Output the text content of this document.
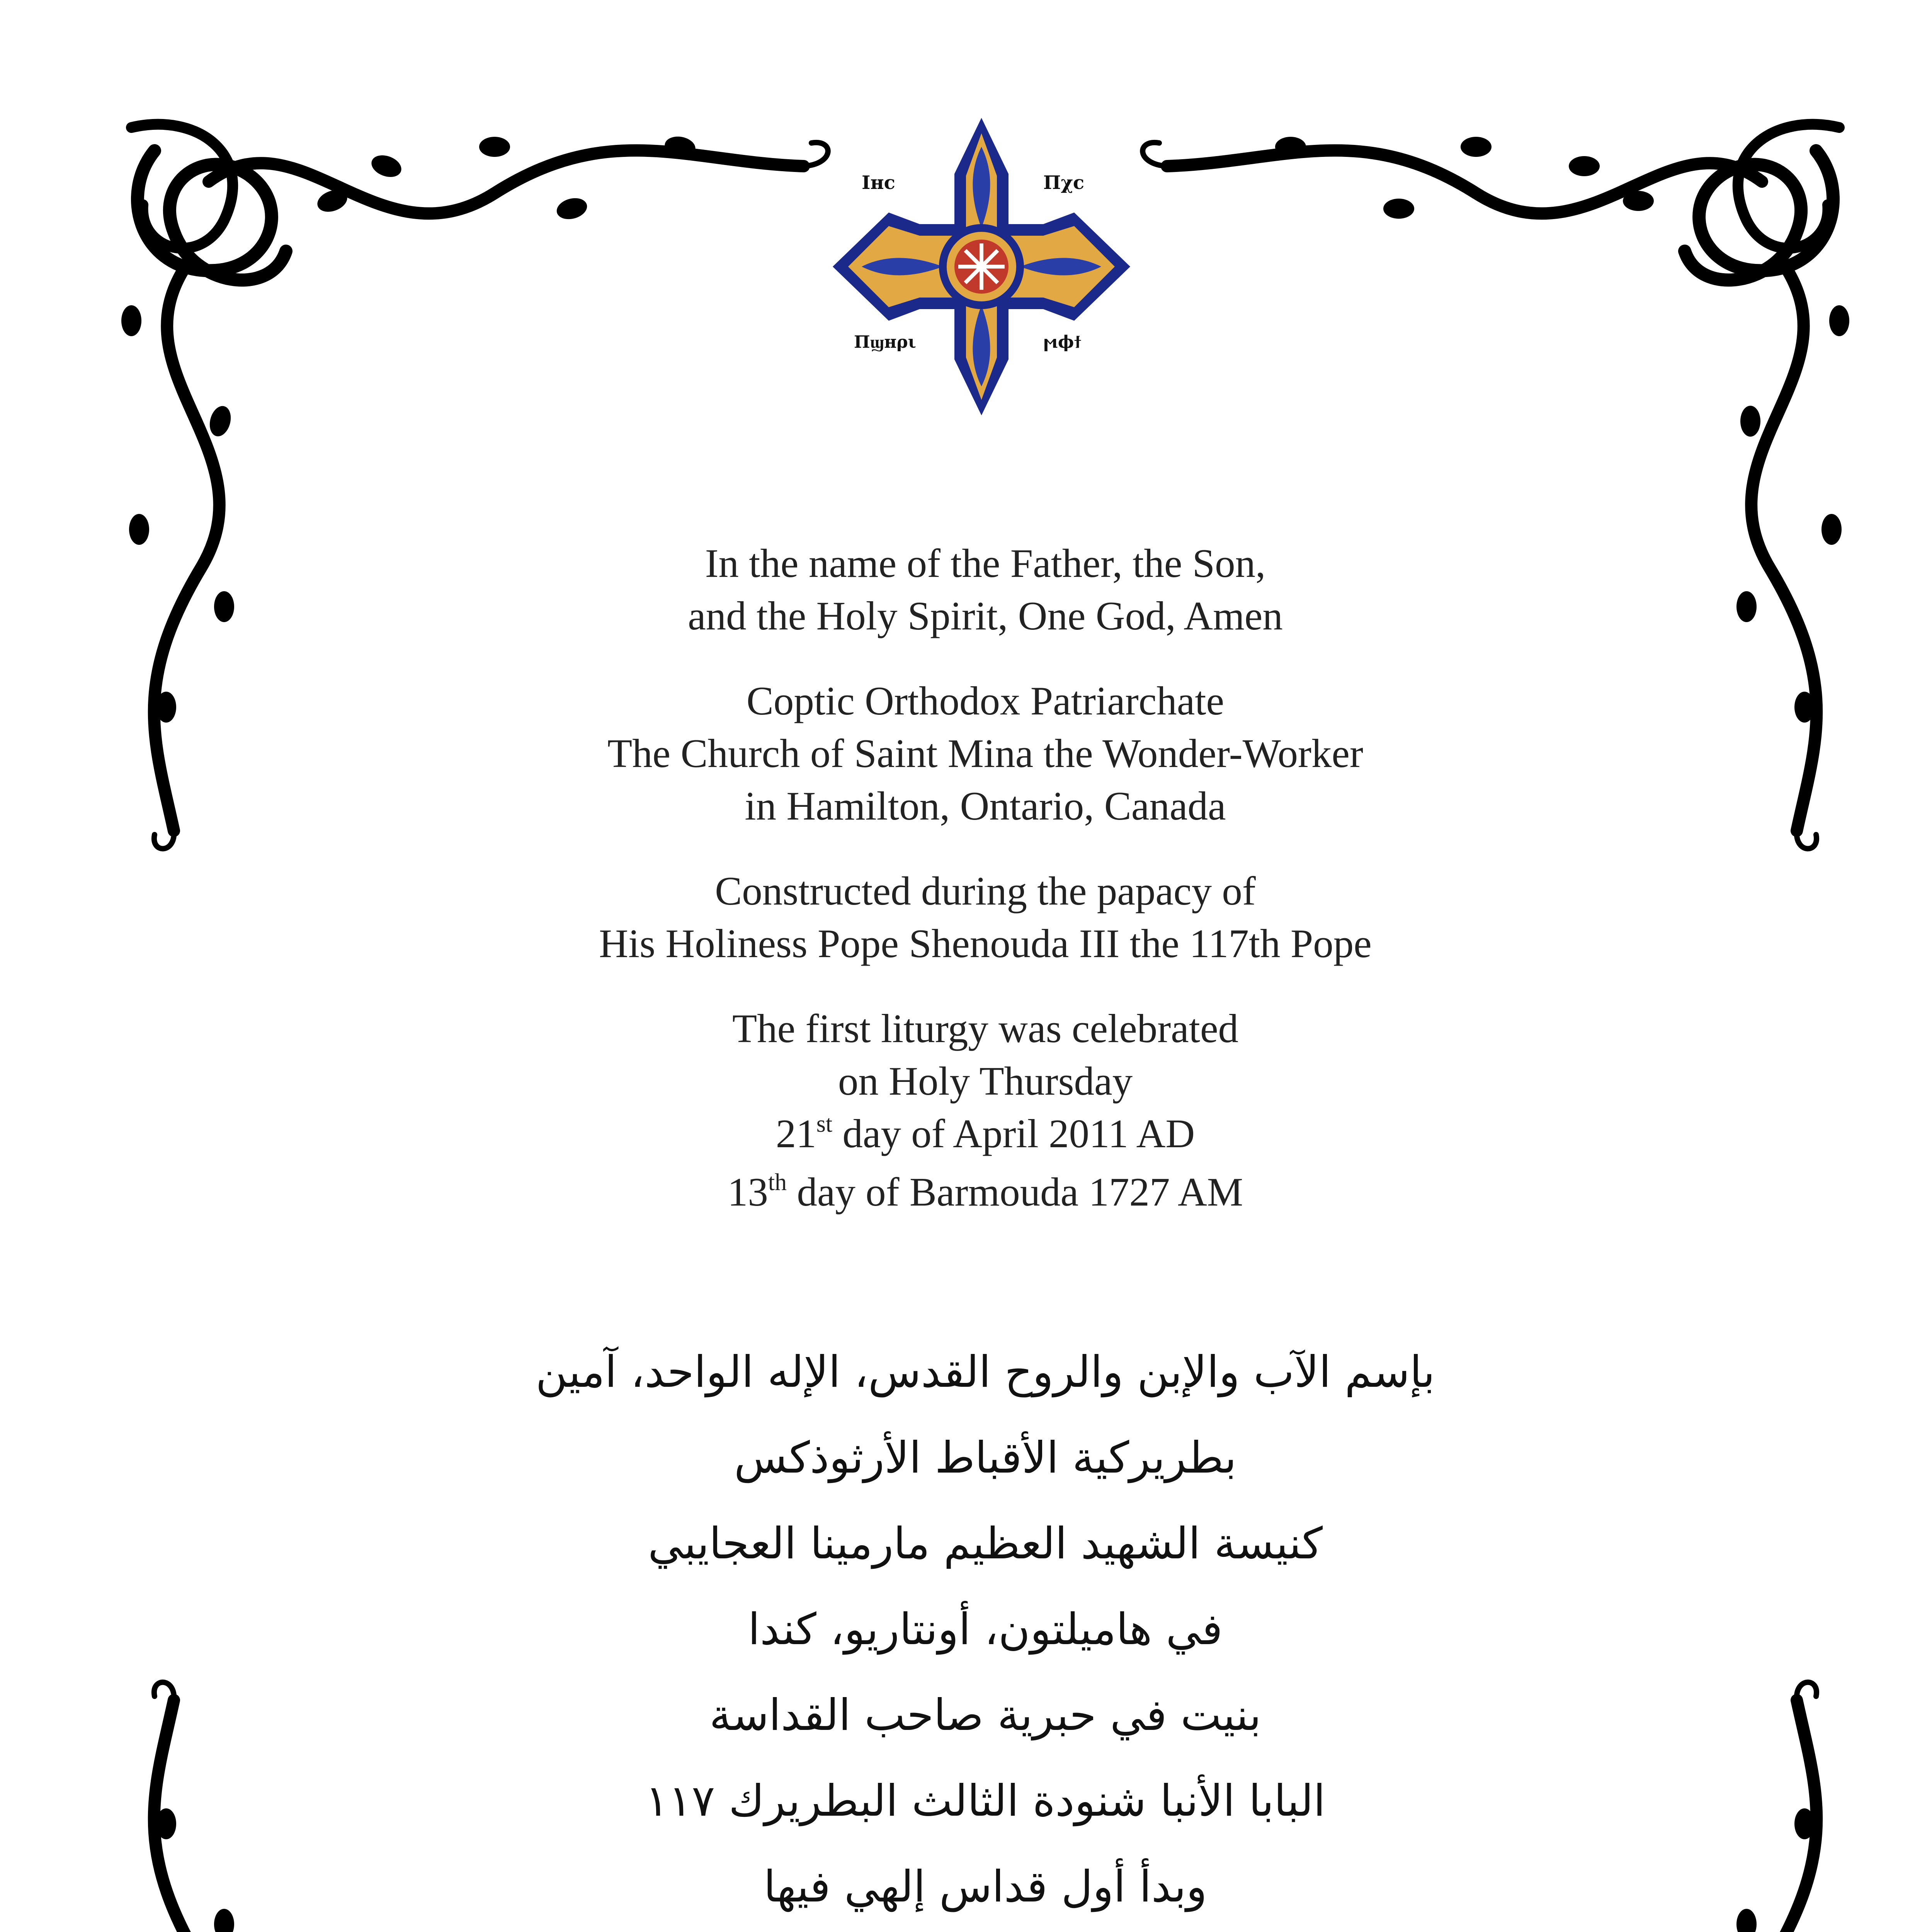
Ιнс	Πχс
Πϣнρι	ϻϕϯ
In the name of the Father, the Son,
and the Holy Spirit, One God, Amen
Coptic Orthodox Patriarchate
The Church of Saint Mina the Wonder-Worker
in Hamilton, Ontario, Canada
Constructed during the papacy of
His Holiness Pope Shenouda III the 117th Pope
The first liturgy was celebrated
on Holy Thursday
21st day of April 2011 AD
13th day of Barmouda 1727 AM
بإسم الآب والإبن والروح القدس، الإله الواحد، آمين
بطريركية الأقباط الأرثوذكس
كنيسة الشهيد العظيم مارمينا العجايبي
في هاميلتون، أونتاريو، كندا
بنيت في حبرية صاحب القداسة
البابا الأنبا شنودة الثالث البطريرك ١١٧
وبدأ أول قداس إلهي فيها
